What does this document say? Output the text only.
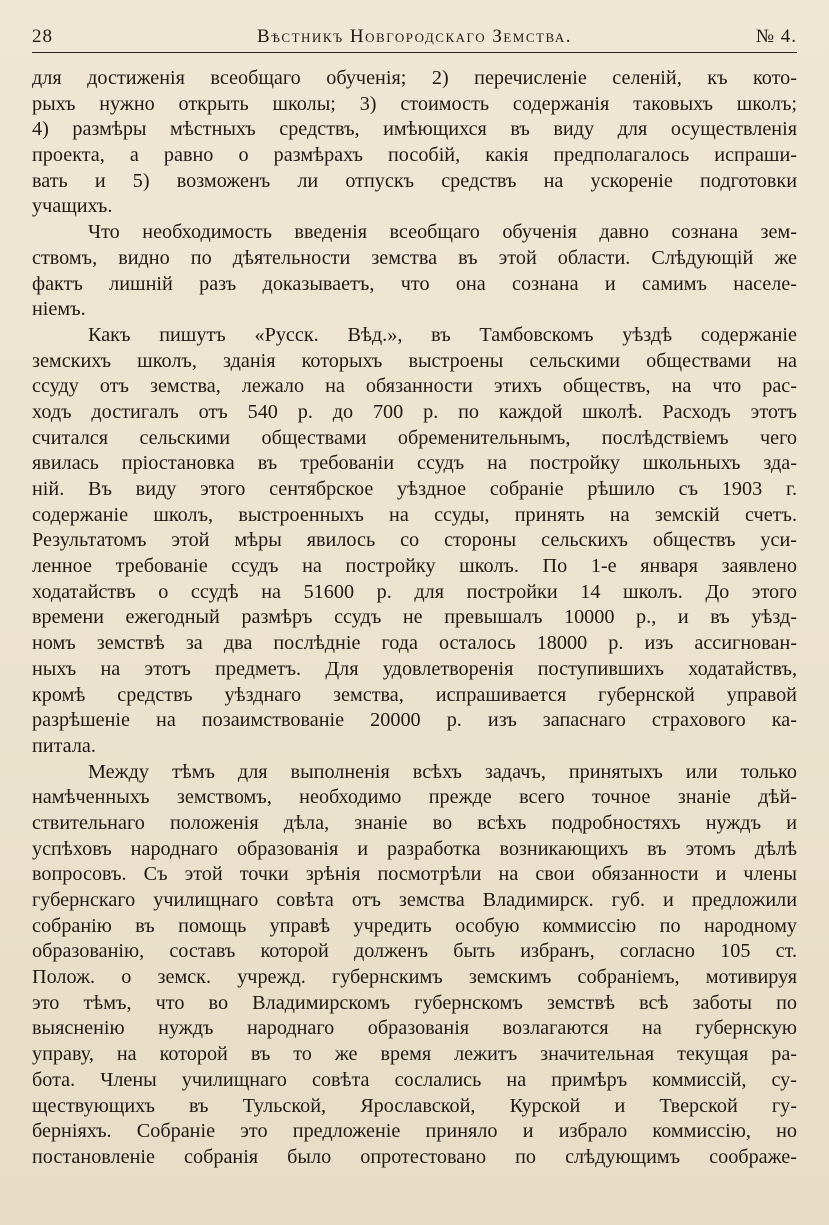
28	Вѣстникъ Новгородскаго Земства.	№ 4.
для достиженія всеобщаго обученія; 2) перечисленіе селеній, къ кото-
рыхъ нужно открыть школы; 3) стоимость содержанія таковыхъ школъ;
4) размѣры мѣстныхъ средствъ, имѣющихся въ виду для осуществленія
проекта, а равно о размѣрахъ пособій, какія предполагалось испраши-
вать и 5) возможенъ ли отпускъ средствъ на ускореніе подготовки
учащихъ.
Что необходимость введенія всеобщаго обученія давно сознана зем-
ствомъ, видно по дѣятельности земства въ этой области. Слѣдующій же
фактъ лишній разъ доказываетъ, что она сознана и самимъ населе-
ніемъ.
Какъ пишутъ «Русск. Вѣд.», въ Тамбовскомъ уѣздѣ содержаніе
земскихъ школъ, зданія которыхъ выстроены сельскими обществами на
ссуду отъ земства, лежало на обязанности этихъ обществъ, на что рас-
ходъ достигалъ отъ 540 р. до 700 р. по каждой школѣ. Расходъ этотъ
считался сельскими обществами обременительнымъ, послѣдствіемъ чего
явилась пріостановка въ требованіи ссудъ на постройку школьныхъ зда-
ній. Въ виду этого сентябрское уѣздное собраніе рѣшило съ 1903 г.
содержаніе школъ, выстроенныхъ на ссуды, принять на земскій счетъ.
Результатомъ этой мѣры явилось со стороны сельскихъ обществъ уси-
ленное требованіе ссудъ на постройку школъ. По 1-е января заявлено
ходатайствъ о ссудѣ на 51600 р. для постройки 14 школъ. До этого
времени ежегодный размѣръ ссудъ не превышалъ 10000 р., и въ уѣзд-
номъ земствѣ за два послѣдніе года осталось 18000 р. изъ ассигнован-
ныхъ на этотъ предметъ. Для удовлетворенія поступившихъ ходатайствъ,
кромѣ средствъ уѣзднаго земства, испрашивается губернской управой
разрѣшеніе на позаимствованіе 20000 р. изъ запаснаго страхового ка-
питала.
Между тѣмъ для выполненія всѣхъ задачъ, принятыхъ или только
намѣченныхъ земствомъ, необходимо прежде всего точное знаніе дѣй-
ствительнаго положенія дѣла, знаніе во всѣхъ подробностяхъ нуждъ и
успѣховъ народнаго образованія и разработка возникающихъ въ этомъ дѣлѣ
вопросовъ. Съ этой точки зрѣнія посмотрѣли на свои обязанности и члены
губернскаго училищнаго совѣта отъ земства Владимирск. губ. и предложили
собранію въ помощь управѣ учредить особую коммиссію по народному
образованію, составъ которой долженъ быть избранъ, согласно 105 ст.
Полож. о земск. учрежд. губернскимъ земскимъ собраніемъ, мотивируя
это тѣмъ, что во Владимирскомъ губернскомъ земствѣ всѣ заботы по
выясненію нуждъ народнаго образованія возлагаются на губернскую
управу, на которой въ то же время лежитъ значительная текущая ра-
бота. Члены училищнаго совѣта сослались на примѣръ коммиссій, су-
ществующихъ въ Тульской, Ярославской, Курской и Тверской гу-
берніяхъ. Собраніе это предложеніе приняло и избрало коммиссію, но
постановленіе собранія было опротестовано по слѣдующимъ соображе-
